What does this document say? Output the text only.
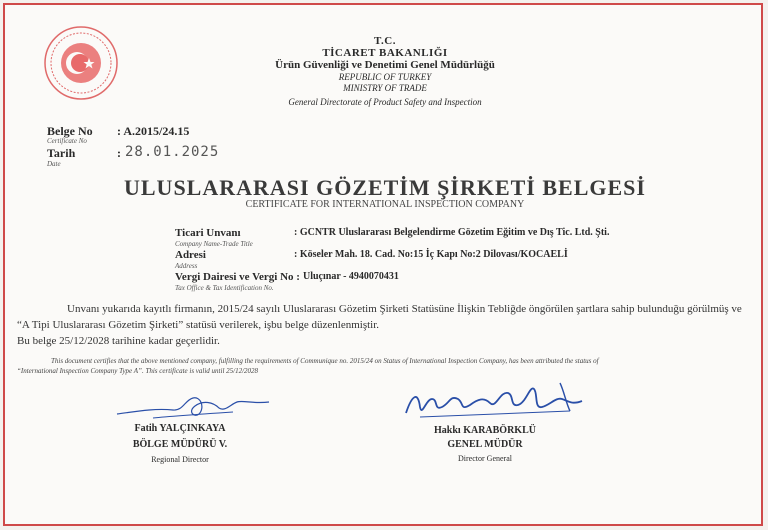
T.C.
TİCARET BAKANLIĞI
Ürün Güvenliği ve Denetimi Genel Müdürlüğü
REPUBLIC OF TURKEY
MINISTRY OF TRADE
General Directorate of Product Safety and Inspection
Belge No
Certificate No
: A.2015/24.15
Tarih
Date
: 28.01.2025
ULUSLARARASI GÖZETİM ŞİRKETİ BELGESİ
CERTIFICATE FOR INTERNATIONAL INSPECTION COMPANY
Ticari Unvanı
Company Name-Trade Title
: GCNTR Uluslararası Belgelendirme Gözetim Eğitim ve Dış Tic. Ltd. Şti.
Adresi
Address
: Köseler Mah. 18. Cad. No:15 İç Kapı No:2 Dilovası/KOCAELİ
Vergi Dairesi ve Vergi No :
Tax Office & Tax Identification No.
Uluçınar - 4940070431
Unvanı yukarıda kayıtlı firmanın, 2015/24 sayılı Uluslararası Gözetim Şirketi Statüsüne İlişkin Tebliğde öngörülen şartlara sahip bulunduğu görülmüş ve
“A Tipi Uluslararası Gözetim Şirketi” statüsü verilerek, işbu belge düzenlenmiştir.
Bu belge 25/12/2028 tarihine kadar geçerlidir.
This document certifies that the above mentioned company, fulfilling the requirements of Communique no. 2015/24 on Status of International Inspection Company, has been attributed the status of
“International Inspection Company Type A”. This certificate is valid until 25/12/2028
Fatih YALÇINKAYA
BÖLGE MÜDÜRÜ V.
Regional Director
Hakkı KARABÖRKLÜ
GENEL MÜDÜR
Director General
